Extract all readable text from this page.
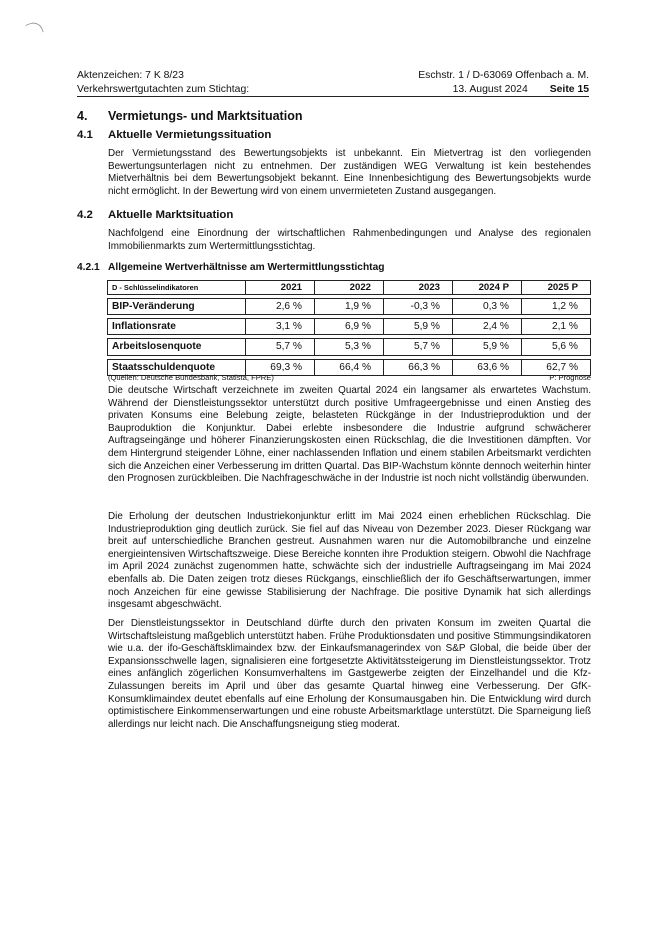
Aktenzeichen: 7 K 8/23	Eschstr. 1 / D-63069 Offenbach a. M.
Verkehrswertgutachten zum Stichtag:	13. August 2024 Seite 15
4. Vermietungs- und Marktsituation
4.1 Aktuelle Vermietungssituation

Der Vermietungsstand des Bewertungsobjekts ist unbekannt. Ein Mietvertrag ist den vorliegenden Bewertungsunterlagen nicht zu entnehmen. Der zuständigen WEG Verwaltung ist kein bestehendes Mietverhältnis bei dem Bewertungsobjekt bekannt. Eine Innenbesichtigung des Bewertungsobjekts wurde nicht ermöglicht. In der Bewertung wird von einem unvermieteten Zustand ausgegangen.

4.2 Aktuelle Marktsituation

Nachfolgend eine Einordnung der wirtschaftlichen Rahmenbedingungen und Analyse des regionalen Immobilienmarkts zum Wertermittlungsstichtag.

4.2.1 Allgemeine Wertverhältnisse am Wertermittlungsstichtag
D - Schlüsselindikatoren	2021	2022	2023	2024 P	2025 P

BIP-Veränderung	2,6 %	1,9 %	-0,3 %	0,3 %	1,2 %

Inflationsrate	3,1 %	6,9 %	5,9 %	2,4 %	2,1 %

Arbeitslosenquote	5,7 %	5,3 %	5,7 %	5,9 %	5,6 %

Staatsschuldenquote	69,3 %	66,4 %	66,3 %	63,6 %	62,7 %
(Quellen: Deutsche Bundesbank, Statista, FPRE)	P: Prognose

Die deutsche Wirtschaft verzeichnete im zweiten Quartal 2024 ein langsamer als erwartetes Wachstum. Während der Dienstleistungssektor unterstützt durch positive Umfrageergebnisse und einen Anstieg des privaten Konsums eine Belebung zeigte, belasteten Rückgänge in der Industrieproduktion und der Bauproduktion die Konjunktur. Dabei erlebte insbesondere die Industrie aufgrund schwächerer Auftragseingänge und höherer Finanzierungskosten einen Rückschlag, die die Investitionen dämpften. Vor dem Hintergrund steigender Löhne, einer nachlassenden Inflation und einem stabilen Arbeitsmarkt verdichten sich die Anzeichen einer Verbesserung im dritten Quartal. Das BIP-Wachstum könnte dennoch weiterhin hinter den Prognosen zurückbleiben. Die Nachfrageschwäche in der Industrie ist noch nicht vollständig überwunden.

Die Erholung der deutschen Industriekonjunktur erlitt im Mai 2024 einen erheblichen Rückschlag. Die Industrieproduktion ging deutlich zurück. Sie fiel auf das Niveau von Dezember 2023. Dieser Rückgang war breit auf unterschiedliche Branchen gestreut. Ausnahmen waren nur die Automobilbranche und einzelne energieintensiven Wirtschaftszweige. Diese Bereiche konnten ihre Produktion steigern. Obwohl die Nachfrage im April 2024 zunächst zugenommen hatte, schwächte sich der industrielle Auftragseingang im Mai 2024 ebenfalls ab. Die Daten zeigen trotz dieses Rückgangs, einschließlich der ifo Geschäftserwartungen, immer noch Anzeichen für eine gewisse Stabilisierung der Nachfrage. Die positive Dynamik hat sich allerdings insgesamt abgeschwächt.

Der Dienstleistungssektor in Deutschland dürfte durch den privaten Konsum im zweiten Quartal die Wirtschaftsleistung maßgeblich unterstützt haben. Frühe Produktionsdaten und positive Stimmungsindikatoren wie u.a. der ifo-Geschäftsklimaindex bzw. der Einkaufsmanagerindex von S&P Global, die beide über der Expansionsschwelle lagen, signalisieren eine fortgesetzte Aktivitätssteigerung im Dienstleistungssektor. Trotz eines anfänglich zögerlichen Konsumverhaltens im Gastgewerbe zeigten der Einzelhandel und die Kfz-Zulassungen bereits im April und über das gesamte Quartal hinweg eine Verbesserung. Der GfK-Konsumklimaindex deutet ebenfalls auf eine Erholung der Konsumausgaben hin. Die Entwicklung wird durch optimistischere Einkommenserwartungen und eine robuste Arbeitsmarktlage unterstützt. Die Sparneigung ließ allerdings nur leicht nach. Die Anschaffungsneigung stieg moderat.
